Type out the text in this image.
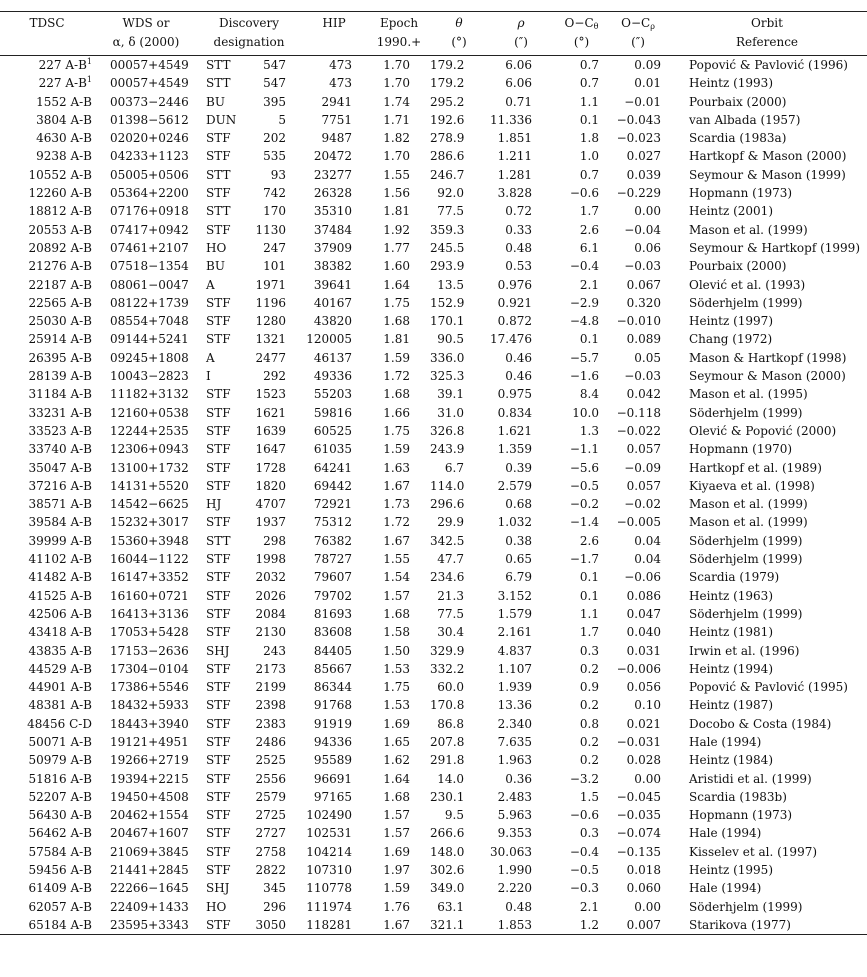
TDSC	WDS or	Discovery	HIP	Epoch	θ	ρ	$O-C_\theta$	$O-C_\rho$	Orbit
	α, δ (2000)	designation		1990.+	(°)	(″)	(°)	(″)	Reference

227 $A-B^1$	00057+4549	STT 547	473	1.70	179.2	6.06	0.7	0.09	Popović & Pavlović (1996)
227 $A-B^1$	00057+4549	STT 547	473	1.70	179.2	6.06	0.7	0.01	Heintz (1993)
1552 A-B	00373−2446	BU 395	2941	1.74	295.2	0.71	1.1	−0.01	Pourbaix (2000)
3804 A-B	01398−5612	DUN 5	7751	1.71	192.6	11.336	0.1	−0.043	van Albada (1957)
4630 A-B	02020+0246	STF 202	9487	1.82	278.9	1.851	1.8	−0.023	Scardia (1983a)
9238 A-B	04233+1123	STF 535	20472	1.70	286.6	1.211	1.0	0.027	Hartkopf & Mason (2000)
10552 A-B	05005+0506	STT 93	23277	1.55	246.7	1.281	0.7	0.039	Seymour & Mason (1999)
12260 A-B	05364+2200	STF 742	26328	1.56	92.0	3.828	−0.6	−0.229	Hopmann (1973)
18812 A-B	07176+0918	STT 170	35310	1.81	77.5	0.72	1.7	0.00	Heintz (2001)
20553 A-B	07417+0942	STF 1130	37484	1.92	359.3	0.33	2.6	−0.04	Mason et al. (1999)
20892 A-B	07461+2107	HO 247	37909	1.77	245.5	0.48	6.1	0.06	Seymour & Hartkopf (1999)
21276 A-B	07518−1354	BU 101	38382	1.60	293.9	0.53	−0.4	−0.03	Pourbaix (2000)
22187 A-B	08061−0047	A 1971	39641	1.64	13.5	0.976	2.1	0.067	Olević et al. (1993)
22565 A-B	08122+1739	STF 1196	40167	1.75	152.9	0.921	−2.9	0.320	Söderhjelm (1999)
25030 A-B	08554+7048	STF 1280	43820	1.68	170.1	0.872	−4.8	−0.010	Heintz (1997)
25914 A-B	09144+5241	STF 1321	120005	1.81	90.5	17.476	0.1	0.089	Chang (1972)
26395 A-B	09245+1808	A 2477	46137	1.59	336.0	0.46	−5.7	0.05	Mason & Hartkopf (1998)
28139 A-B	10043−2823	I 292	49336	1.72	325.3	0.46	−1.6	−0.03	Seymour & Mason (2000)
31184 A-B	11182+3132	STF 1523	55203	1.68	39.1	0.975	8.4	0.042	Mason et al. (1995)
33231 A-B	12160+0538	STF 1621	59816	1.66	31.0	0.834	10.0	−0.118	Söderhjelm (1999)
33523 A-B	12244+2535	STF 1639	60525	1.75	326.8	1.621	1.3	−0.022	Olević & Popović (2000)
33740 A-B	12306+0943	STF 1647	61035	1.59	243.9	1.359	−1.1	0.057	Hopmann (1970)
35047 A-B	13100+1732	STF 1728	64241	1.63	6.7	0.39	−5.6	−0.09	Hartkopf et al. (1989)
37216 A-B	14131+5520	STF 1820	69442	1.67	114.0	2.579	−0.5	0.057	Kiyaeva et al. (1998)
38571 A-B	14542−6625	HJ 4707	72921	1.73	296.6	0.68	−0.2	−0.02	Mason et al. (1999)
39584 A-B	15232+3017	STF 1937	75312	1.72	29.9	1.032	−1.4	−0.005	Mason et al. (1999)
39999 A-B	15360+3948	STT 298	76382	1.67	342.5	0.38	2.6	0.04	Söderhjelm (1999)
41102 A-B	16044−1122	STF 1998	78727	1.55	47.7	0.65	−1.7	0.04	Söderhjelm (1999)
41482 A-B	16147+3352	STF 2032	79607	1.54	234.6	6.79	0.1	−0.06	Scardia (1979)
41525 A-B	16160+0721	STF 2026	79702	1.57	21.3	3.152	0.1	0.086	Heintz (1963)
42506 A-B	16413+3136	STF 2084	81693	1.68	77.5	1.579	1.1	0.047	Söderhjelm (1999)
43418 A-B	17053+5428	STF 2130	83608	1.58	30.4	2.161	1.7	0.040	Heintz (1981)
43835 A-B	17153−2636	SHJ 243	84405	1.50	329.9	4.837	0.3	0.031	Irwin et al. (1996)
44529 A-B	17304−0104	STF 2173	85667	1.53	332.2	1.107	0.2	−0.006	Heintz (1994)
44901 A-B	17386+5546	STF 2199	86344	1.75	60.0	1.939	0.9	0.056	Popović & Pavlović (1995)
48381 A-B	18432+5933	STF 2398	91768	1.53	170.8	13.36	0.2	0.10	Heintz (1987)
48456 C-D	18443+3940	STF 2383	91919	1.69	86.8	2.340	0.8	0.021	Docobo & Costa (1984)
50071 A-B	19121+4951	STF 2486	94336	1.65	207.8	7.635	0.2	−0.031	Hale (1994)
50979 A-B	19266+2719	STF 2525	95589	1.62	291.8	1.963	0.2	0.028	Heintz (1984)
51816 A-B	19394+2215	STF 2556	96691	1.64	14.0	0.36	−3.2	0.00	Aristidi et al. (1999)
52207 A-B	19450+4508	STF 2579	97165	1.68	230.1	2.483	1.5	−0.045	Scardia (1983b)
56430 A-B	20462+1554	STF 2725	102490	1.57	9.5	5.963	−0.6	−0.035	Hopmann (1973)
56462 A-B	20467+1607	STF 2727	102531	1.57	266.6	9.353	0.3	−0.074	Hale (1994)
57584 A-B	21069+3845	STF 2758	104214	1.69	148.0	30.063	−0.4	−0.135	Kisselev et al. (1997)
59456 A-B	21441+2845	STF 2822	107310	1.97	302.6	1.990	−0.5	0.018	Heintz (1995)
61409 A-B	22266−1645	SHJ 345	110778	1.59	349.0	2.220	−0.3	0.060	Hale (1994)
62057 A-B	22409+1433	HO 296	111974	1.76	63.1	0.48	2.1	0.00	Söderhjelm (1999)
65184 A-B	23595+3343	STF 3050	118281	1.67	321.1	1.853	1.2	0.007	Starikova (1977)
